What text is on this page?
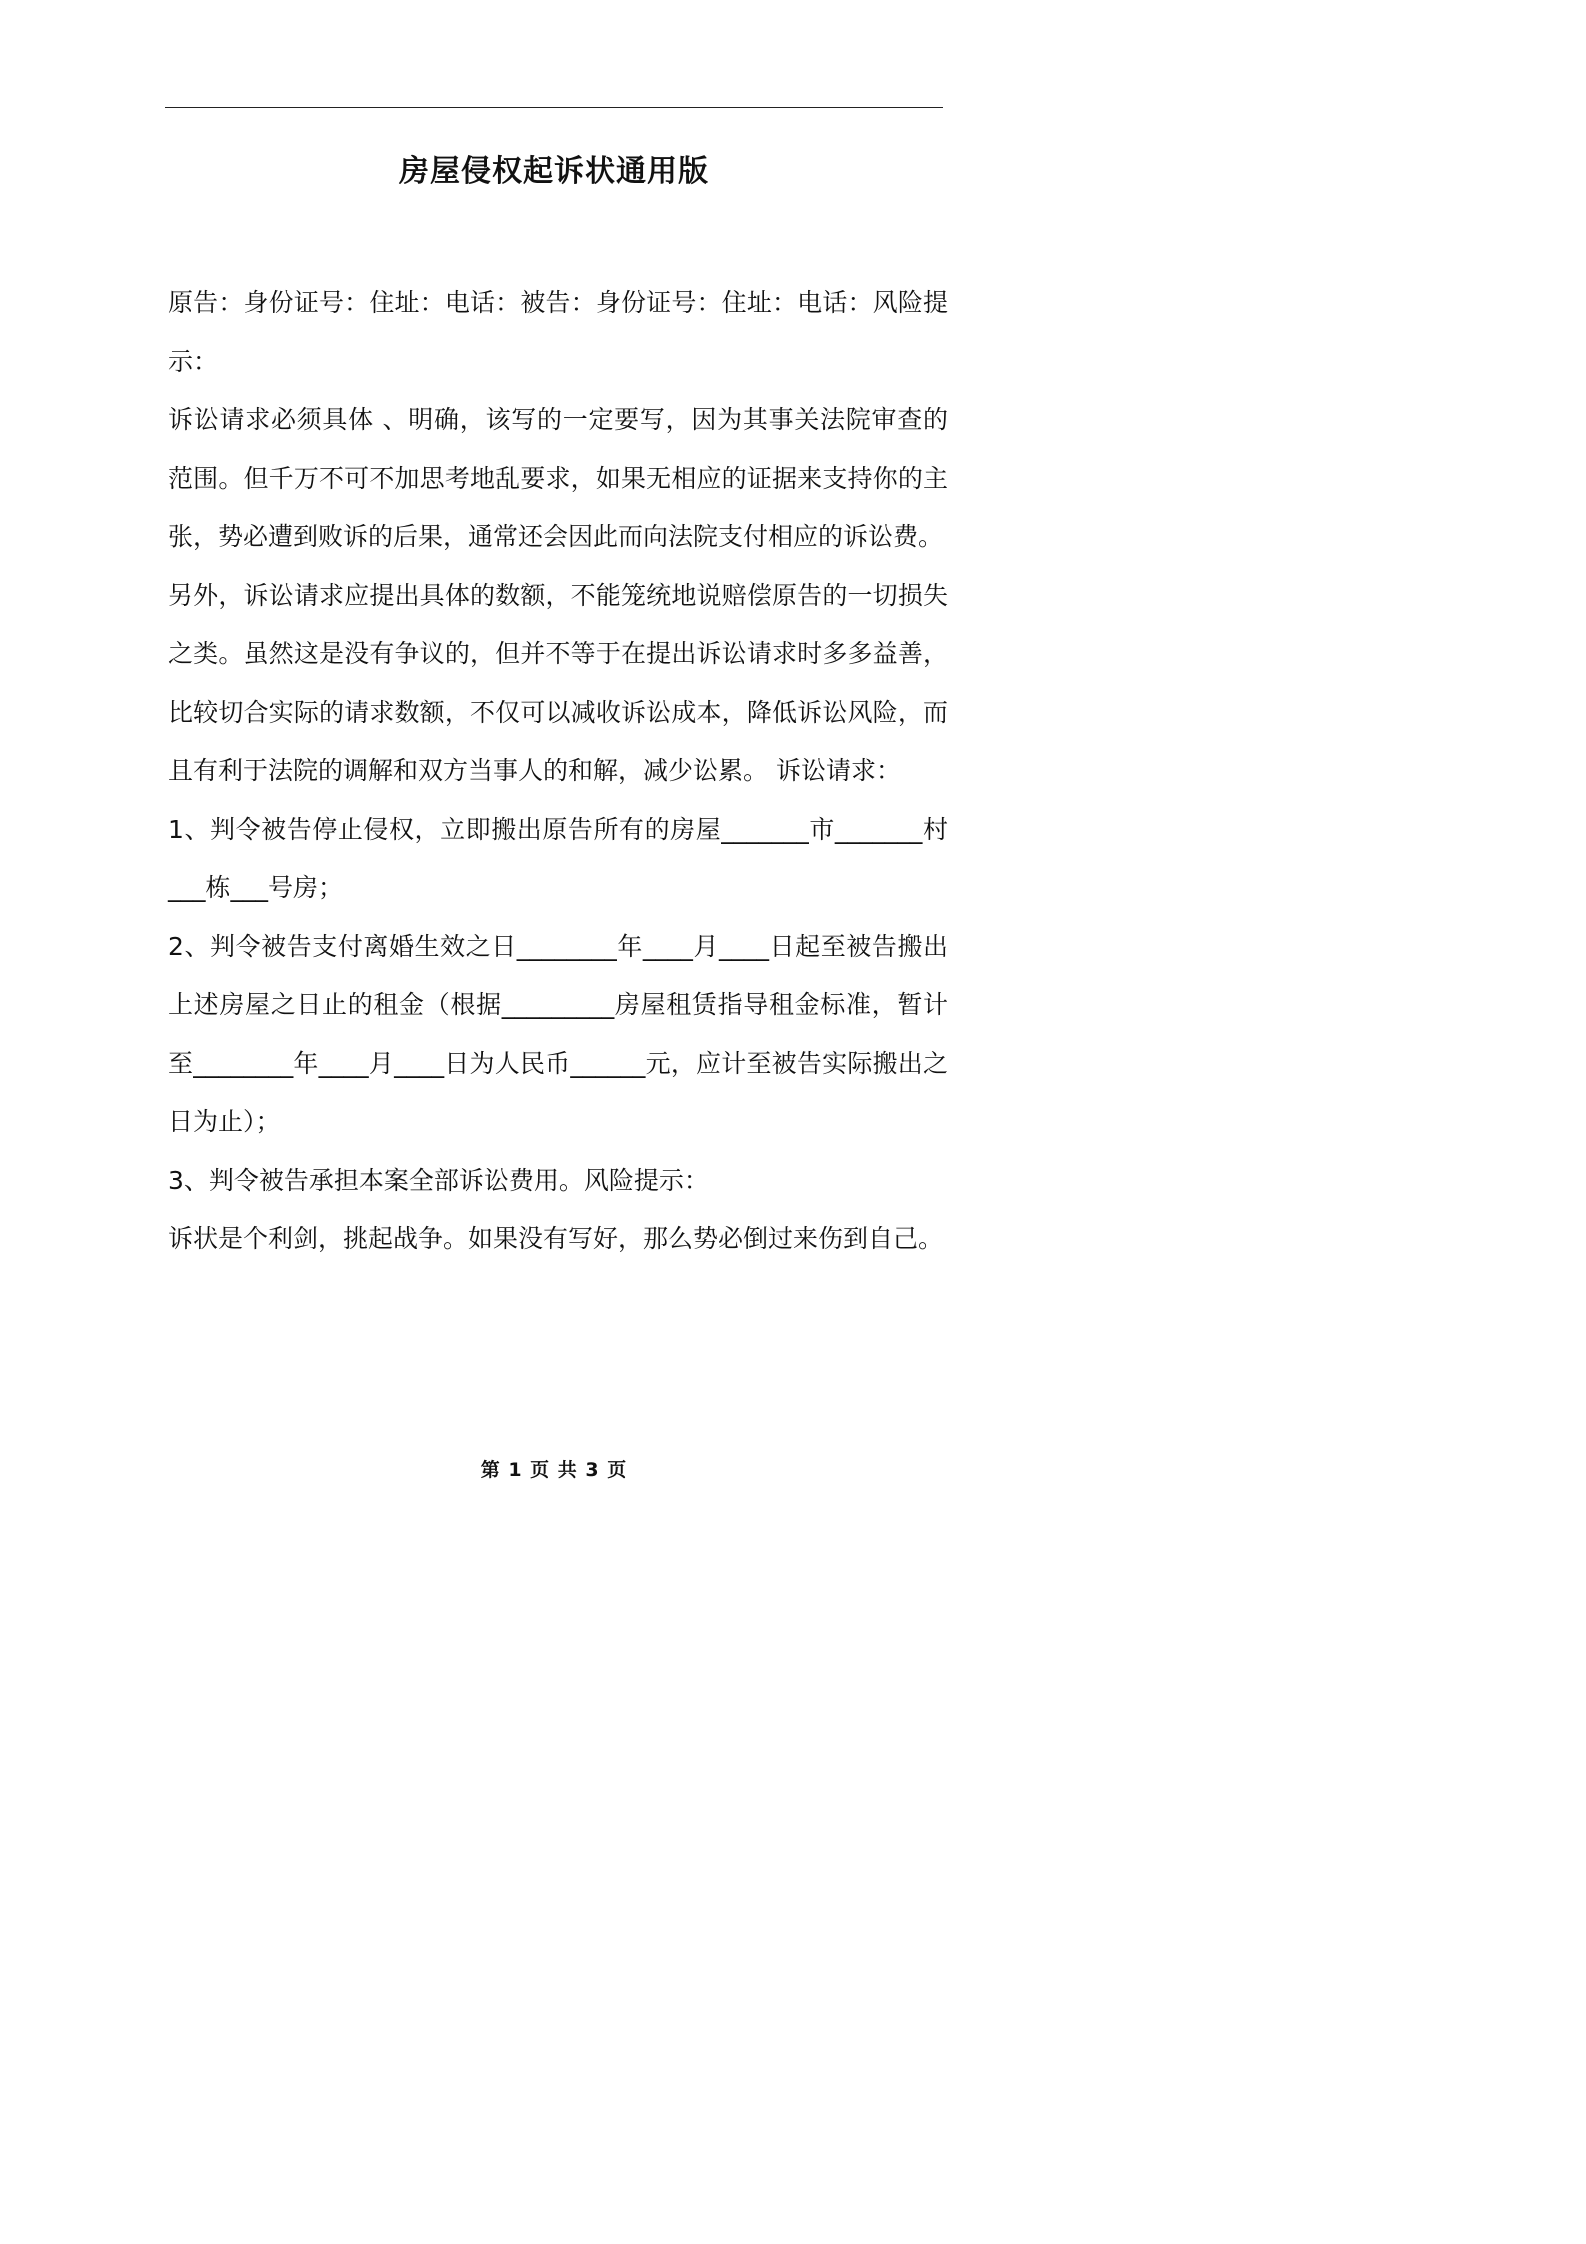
房屋侵权起诉状通用版

原告：身份证号：住址：电话：被告：身份证号：住址：电话：风险提示：

诉讼请求必须具体 、明确，该写的一定要写，因为其事关法院审查的范围。但千万不可不加思考地乱要求，如果无相应的证据来支持你的主张，势必遭到败诉的后果，通常还会因此而向法院支付相应的诉讼费。

另外，诉讼请求应提出具体的数额，不能笼统地说赔偿原告的一切损失之类。虽然这是没有争议的，但并不等于在提出诉讼请求时多多益善，比较切合实际的请求数额，不仅可以减收诉讼成本，降低诉讼风险，而且有利于法院的调解和双方当事人的和解，减少讼累。 诉讼请求：

1、判令被告停止侵权，立即搬出原告所有的房屋_______市_______村___栋___号房；

2、判令被告支付离婚生效之日________年____月____日起至被告搬出上述房屋之日止的租金（根据_________房屋租赁指导租金标准，暂计至________年____月____日为人民币______元，应计至被告实际搬出之日为止）；

3、判令被告承担本案全部诉讼费用。风险提示：

诉状是个利剑，挑起战争。如果没有写好，那么势必倒过来伤到自己。

第 1 页 共 3 页
